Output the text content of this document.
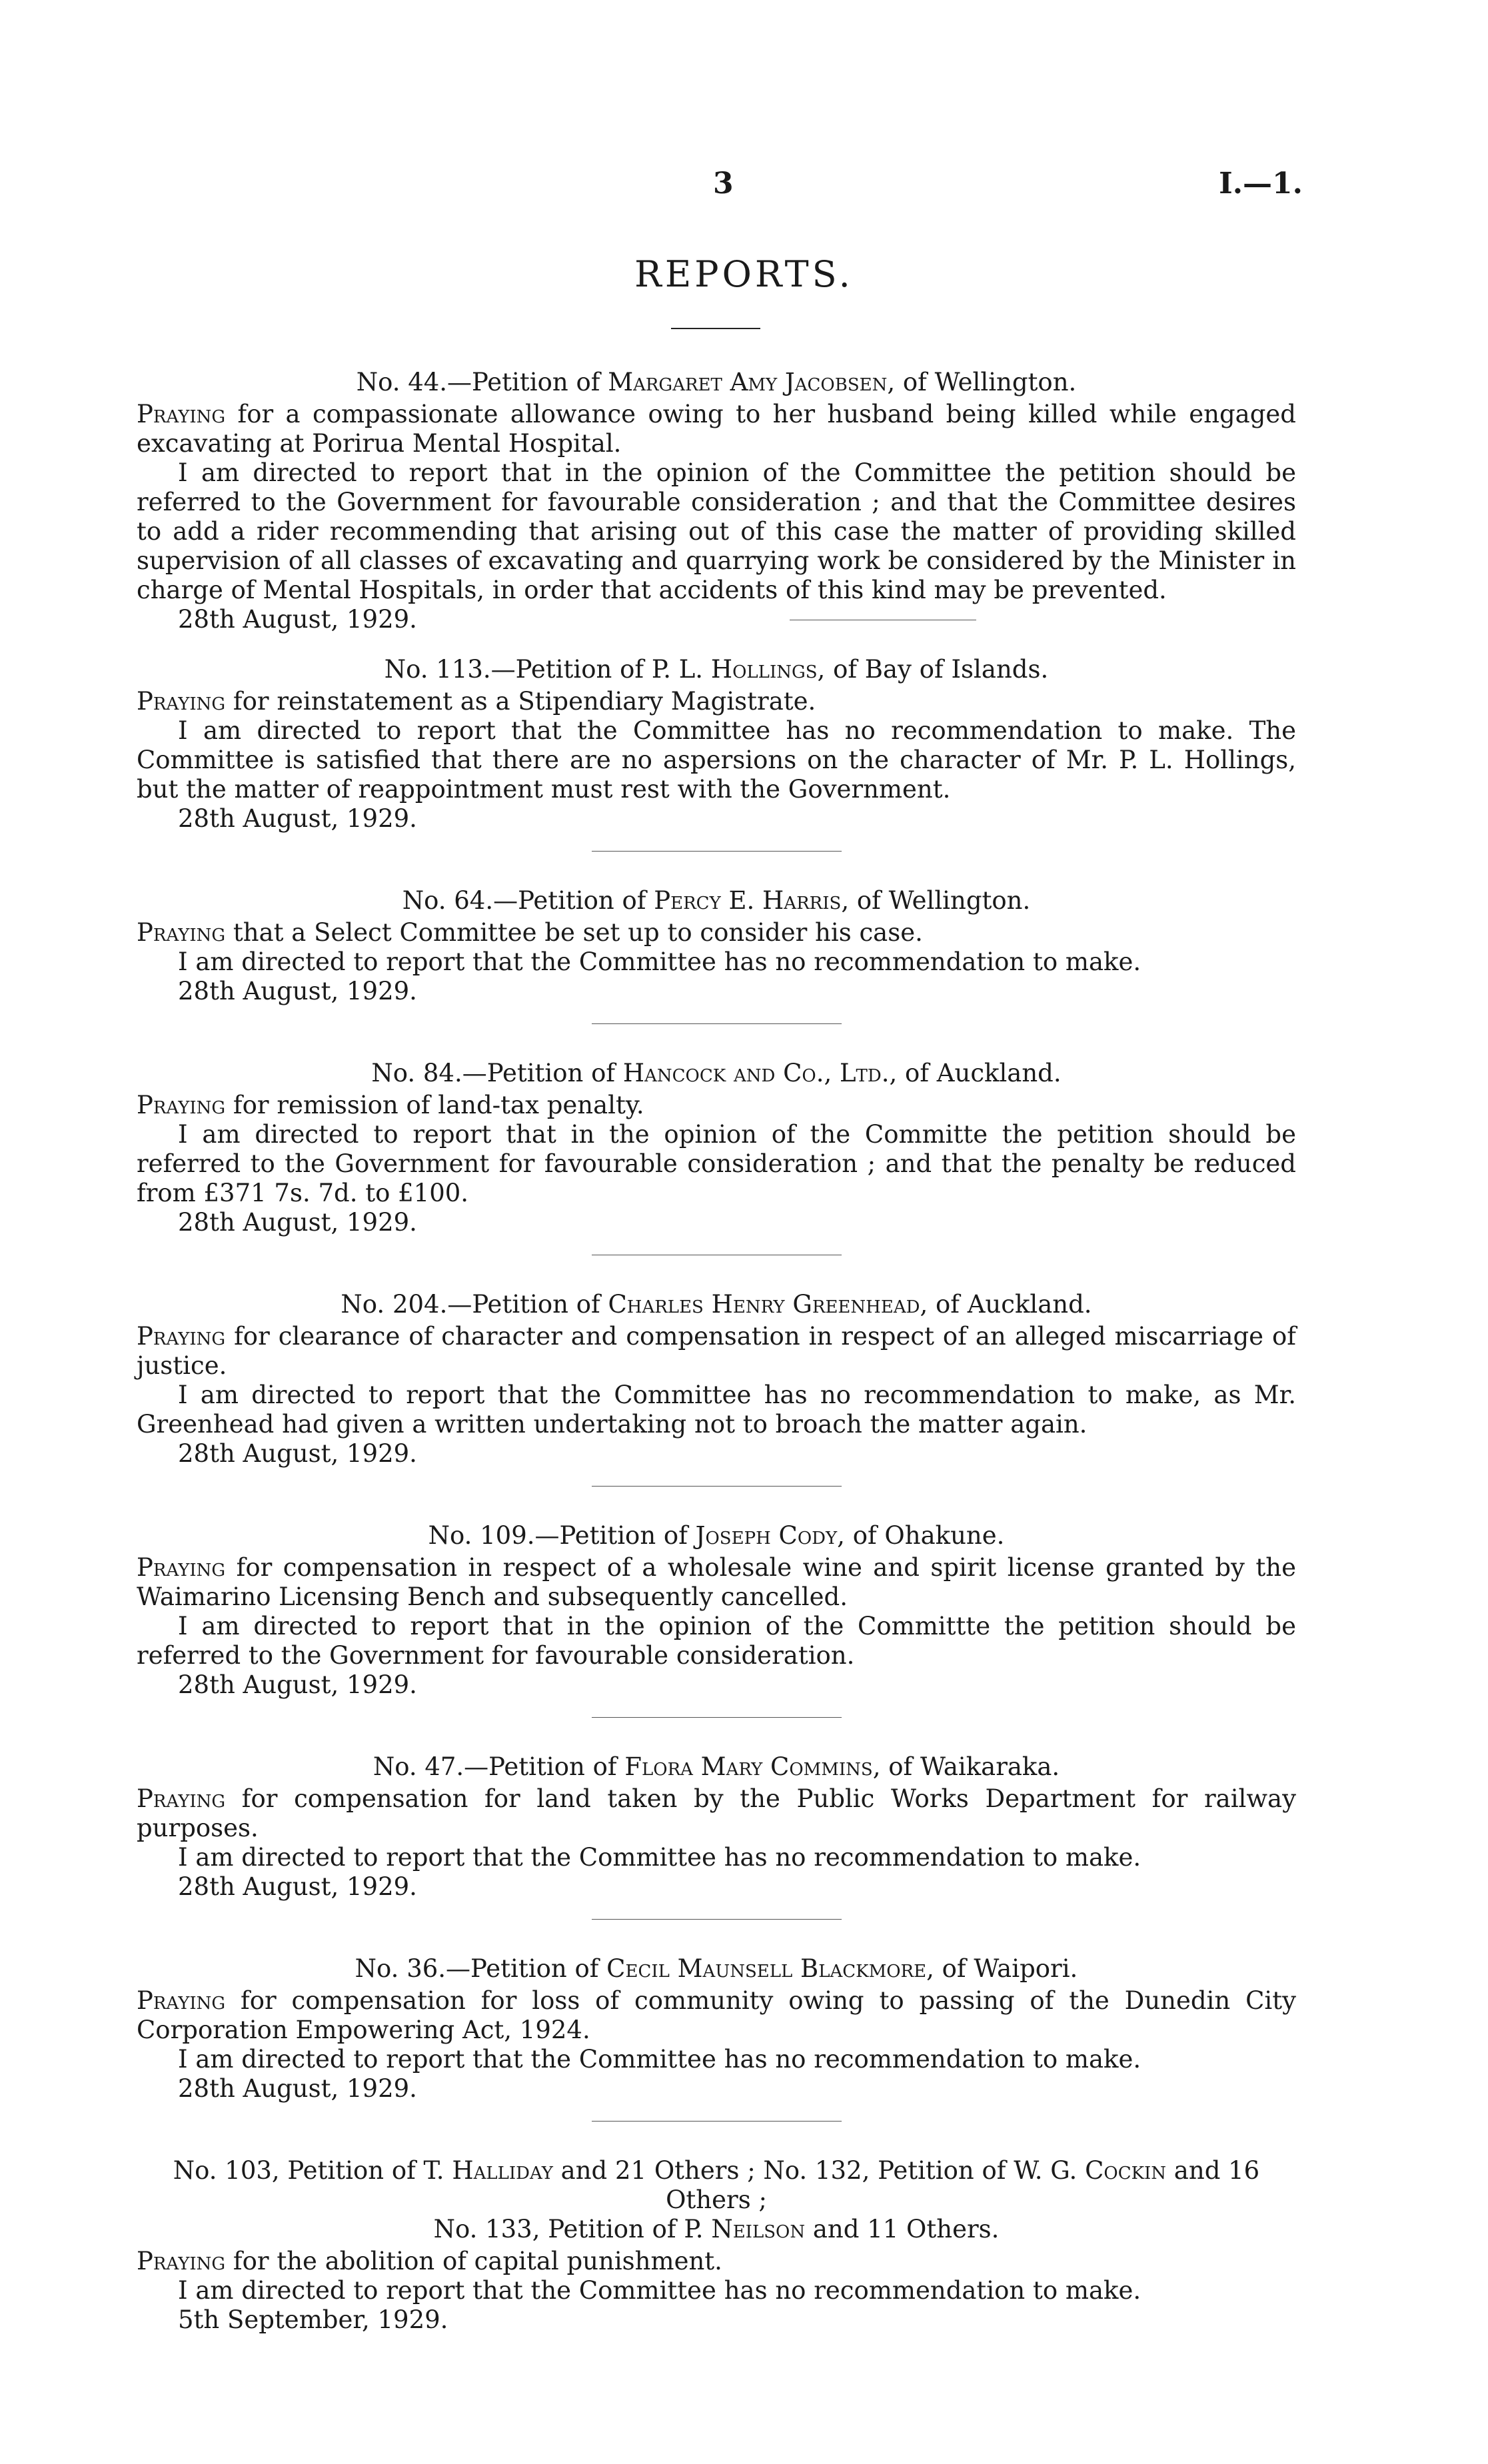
3	I.—1.
REPORTS.
No. 44.—Petition of Margaret Amy Jacobsen, of Wellington.
Praying for a compassionate allowance owing to her husband being killed while engaged excavating at Porirua Mental Hospital.
I am directed to report that in the opinion of the Committee the petition should be referred to the Government for favourable consideration ; and that the Committee desires to add a rider recommending that arising out of this case the matter of providing skilled supervision of all classes of excavating and quarrying work be considered by the Minister in charge of Mental Hospitals, in order that accidents of this kind may be prevented.
28th August, 1929.
No. 113.—Petition of P. L. Hollings, of Bay of Islands.
Praying for reinstatement as a Stipendiary Magistrate.
I am directed to report that the Committee has no recommendation to make. The Committee is satisfied that there are no aspersions on the character of Mr. P. L. Hollings, but the matter of reappointment must rest with the Government.
28th August, 1929.
No. 64.—Petition of Percy E. Harris, of Wellington.
Praying that a Select Committee be set up to consider his case.
I am directed to report that the Committee has no recommendation to make.
28th August, 1929.
No. 84.—Petition of Hancock and Co., Ltd., of Auckland.
Praying for remission of land-tax penalty.
I am directed to report that in the opinion of the Committe the petition should be referred to the Government for favourable consideration ; and that the penalty be reduced from £371 7s. 7d. to £100.
28th August, 1929.
No. 204.—Petition of Charles Henry Greenhead, of Auckland.
Praying for clearance of character and compensation in respect of an alleged miscarriage of justice.
I am directed to report that the Committee has no recommendation to make, as Mr. Greenhead had given a written undertaking not to broach the matter again.
28th August, 1929.
No. 109.—Petition of Joseph Cody, of Ohakune.
Praying for compensation in respect of a wholesale wine and spirit license granted by the Waimarino Licensing Bench and subsequently cancelled.
I am directed to report that in the opinion of the Committte the petition should be referred to the Government for favourable consideration.
28th August, 1929.
No. 47.—Petition of Flora Mary Commins, of Waikaraka.
Praying for compensation for land taken by the Public Works Department for railway purposes.
I am directed to report that the Committee has no recommendation to make.
28th August, 1929.
No. 36.—Petition of Cecil Maunsell Blackmore, of Waipori.
Praying for compensation for loss of community owing to passing of the Dunedin City Corporation Empowering Act, 1924.
I am directed to report that the Committee has no recommendation to make.
28th August, 1929.
No. 103, Petition of T. Halliday and 21 Others ; No. 132, Petition of W. G. Cockin and 16 Others ;
No. 133, Petition of P. Neilson and 11 Others.
Praying for the abolition of capital punishment.
I am directed to report that the Committee has no recommendation to make.
5th September, 1929.
